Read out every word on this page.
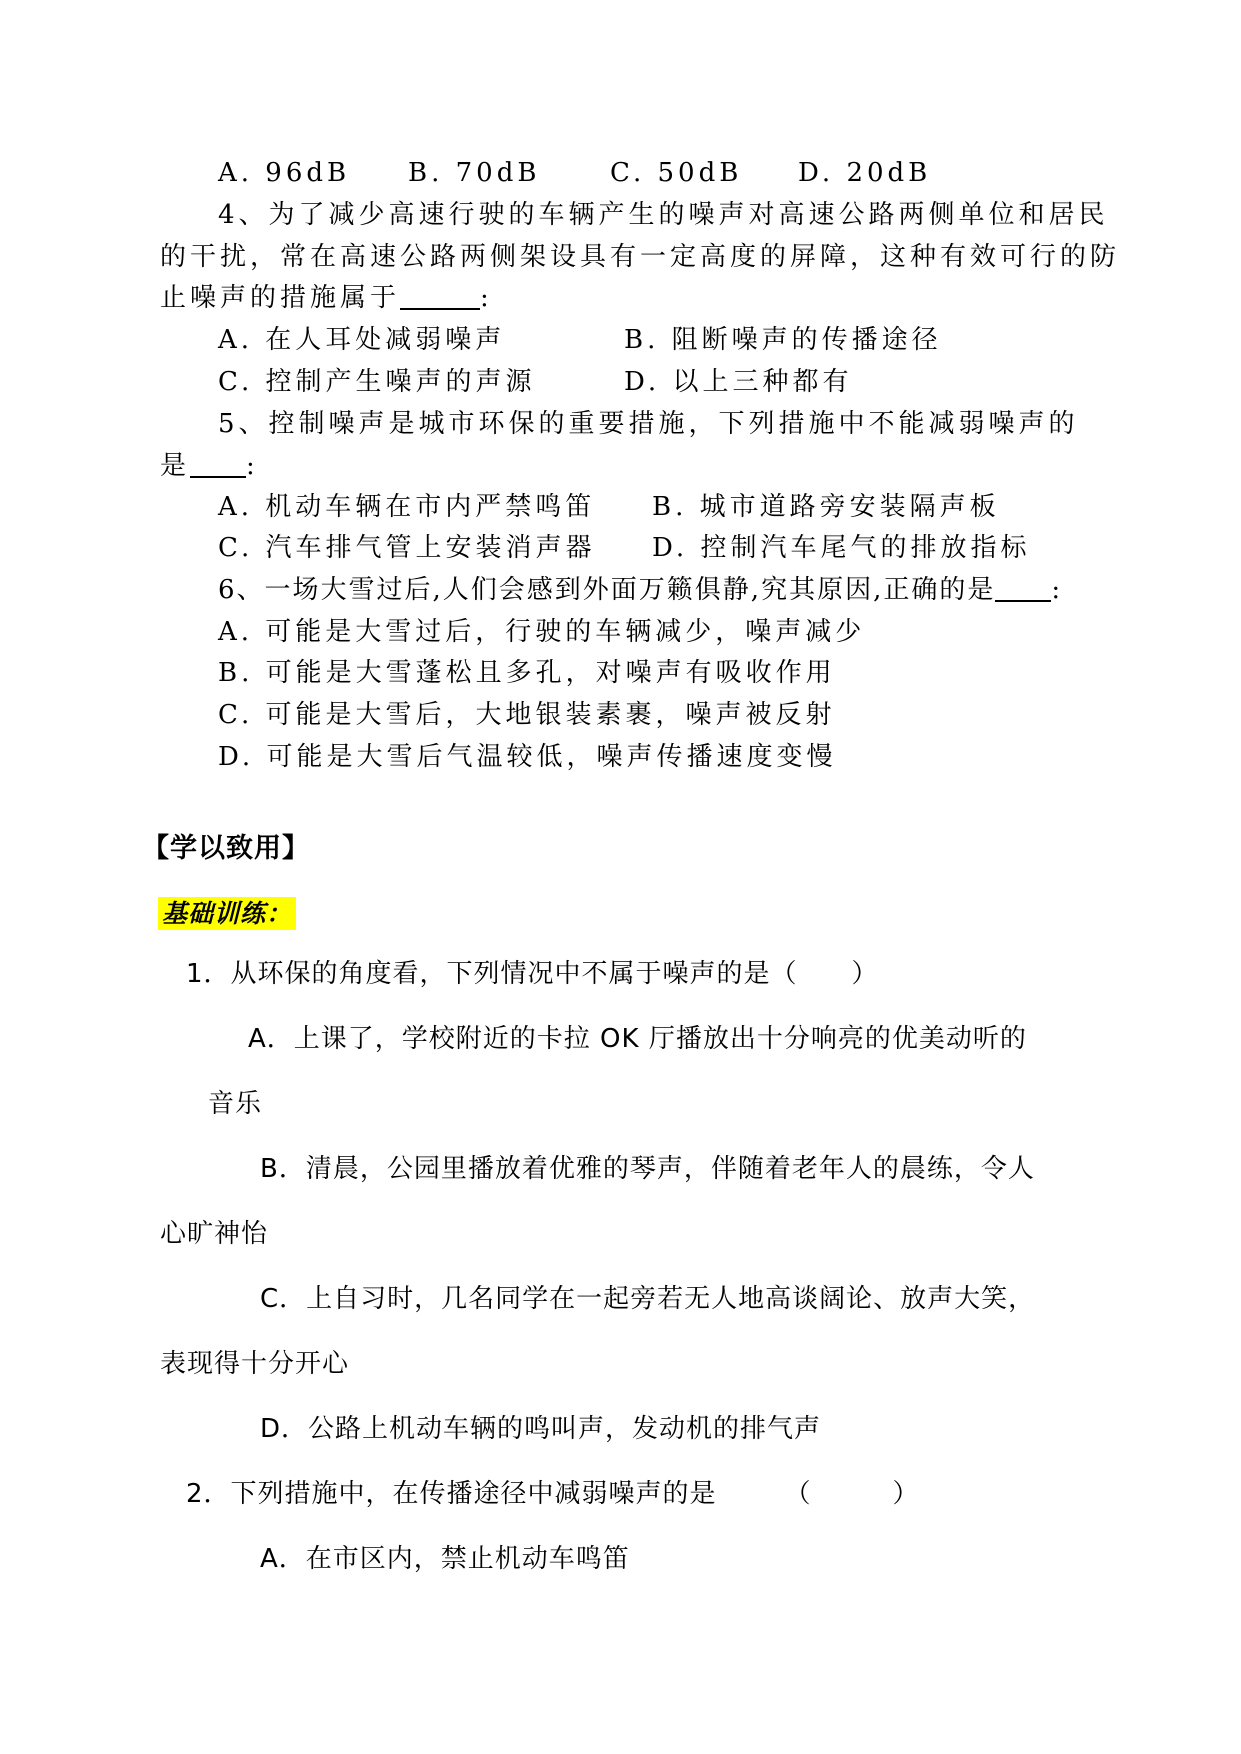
A. 96dB B. 70dB	C. 50dB D. 20dB
4、为了减少高速行驶的车辆产生的噪声对高速公路两侧单位和居民
的干扰，常在高速公路两侧架设具有一定高度的屏障，这种有效可行的防
止噪声的措施属于	:
A. 在人耳处减弱噪声	B. 阻断噪声的传播途径
C. 控制产生噪声的声源	D. 以上三种都有
5、控制噪声是城市环保的重要措施，下列措施中不能减弱噪声的
是 :
A. 机动车辆在市内严禁鸣笛 B. 城市道路旁安装隔声板
C. 汽车排气管上安装消声器 D. 控制汽车尾气的排放指标
6、一场大雪过后,人们会感到外面万籁俱静,究其原因,正确的是 :
A. 可能是大雪过后，行驶的车辆减少，噪声减少
B. 可能是大雪蓬松且多孔，对噪声有吸收作用
C. 可能是大雪后，大地银装素裹，噪声被反射
D. 可能是大雪后气温较低，噪声传播速度变慢
【学以致用】
基础训练：
1．从环保的角度看，下列情况中不属于噪声的是（　　）
A．上课了，学校附近的卡拉 OK 厅播放出十分响亮的优美动听的
音乐
B．清晨，公园里播放着优雅的琴声，伴随着老年人的晨练，令人
心旷神怡
C．上自习时，几名同学在一起旁若无人地高谈阔论、放声大笑，
表现得十分开心
D．公路上机动车辆的鸣叫声，发动机的排气声
2．下列措施中，在传播途径中减弱噪声的是　　　（　　　）
A．在市区内，禁止机动车鸣笛
